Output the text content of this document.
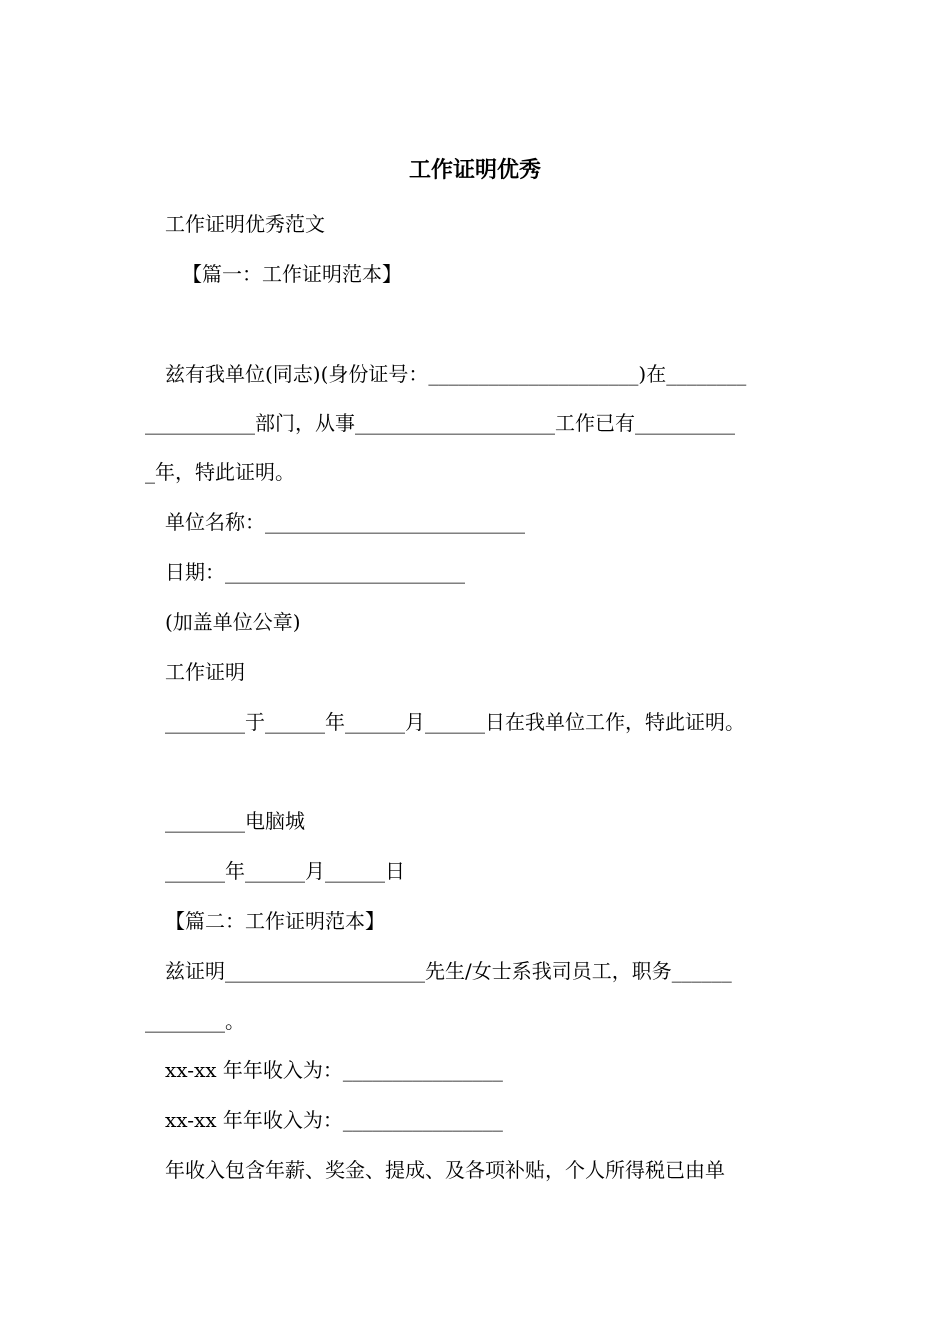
工作证明优秀
工作证明优秀范文
【篇一：工作证明范本】
兹有我单位(同志)(身份证号：_____________________)在________
___________部门，从事____________________工作已有__________
_年，特此证明。
单位名称：__________________________
日期：________________________
(加盖单位公章)
工作证明
________于______年______月______日在我单位工作，特此证明。
________电脑城
______年______月______日
【篇二：工作证明范本】
兹证明____________________先生/女士系我司员工，职务______
________。
xx-xx 年年收入为：________________
xx-xx 年年收入为：________________
年收入包含年薪、奖金、提成、及各项补贴，个人所得税已由单
